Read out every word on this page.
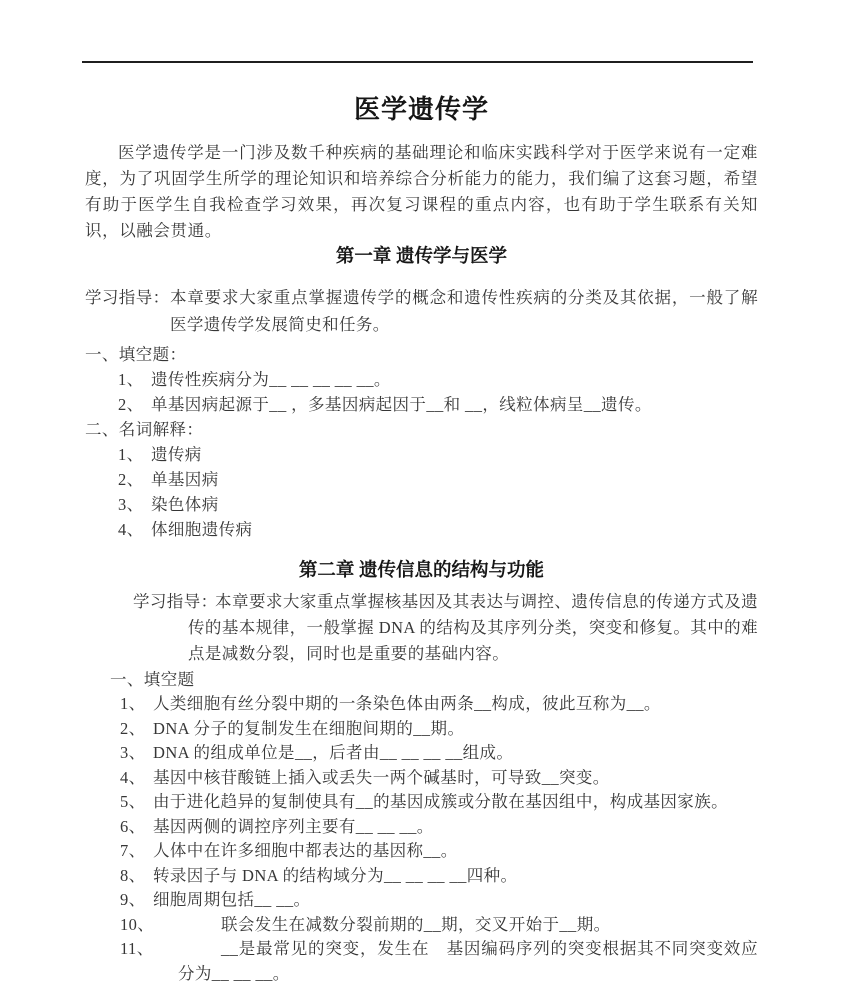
医学遗传学

医学遗传学是一门涉及数千种疾病的基础理论和临床实践科学对于医学来说有一定难度，为了巩固学生所学的理论知识和培养综合分析能力的能力，我们编了这套习题，希望有助于医学生自我检查学习效果，再次复习课程的重点内容，也有助于学生联系有关知识，以融会贯通。

第一章 遗传学与医学
学习指导： 本章要求大家重点掌握遗传学的概念和遗传性疾病的分类及其依据，一般了解医学遗传学发展简史和任务。
一、填空题：
1、 遗传性疾病分为__ __ __ __ __。
2、 单基因病起源于__ ，多基因病起因于__和 __，线粒体病呈__遗传。
二、名词解释：
1、 遗传病
2、 单基因病
3、 染色体病
4、 体细胞遗传病
第二章 遗传信息的结构与功能
学习指导：
本章要求大家重点掌握核基因及其表达与调控、遗传信息的传递方式及遗传的基本规律，一般掌握 DNA 的结构及其序列分类，突变和修复。其中的难点是减数分裂，同时也是重要的基础内容。
一、填空题
1、 人类细胞有丝分裂中期的一条染色体由两条__构成，彼此互称为__。
2、 DNA 分子的复制发生在细胞间期的__期。
3、 DNA 的组成单位是__，后者由__ __ __ __组成。
4、 基因中核苷酸链上插入或丢失一两个碱基时，可导致__突变。
5、 由于进化趋异的复制使具有__的基因成簇或分散在基因组中，构成基因家族。
6、 基因两侧的调控序列主要有__ __ __。
7、 人体中在许多细胞中都表达的基因称__。
8、 转录因子与 DNA 的结构域分为__ __ __ __四种。
9、 细胞周期包括__ __。
10、	联会发生在减数分裂前期的__期，交叉开始于__期。
11、	__是最常见的突变，发生在　基因编码序列的突变根据其不同突变效应分为__ __ __。
